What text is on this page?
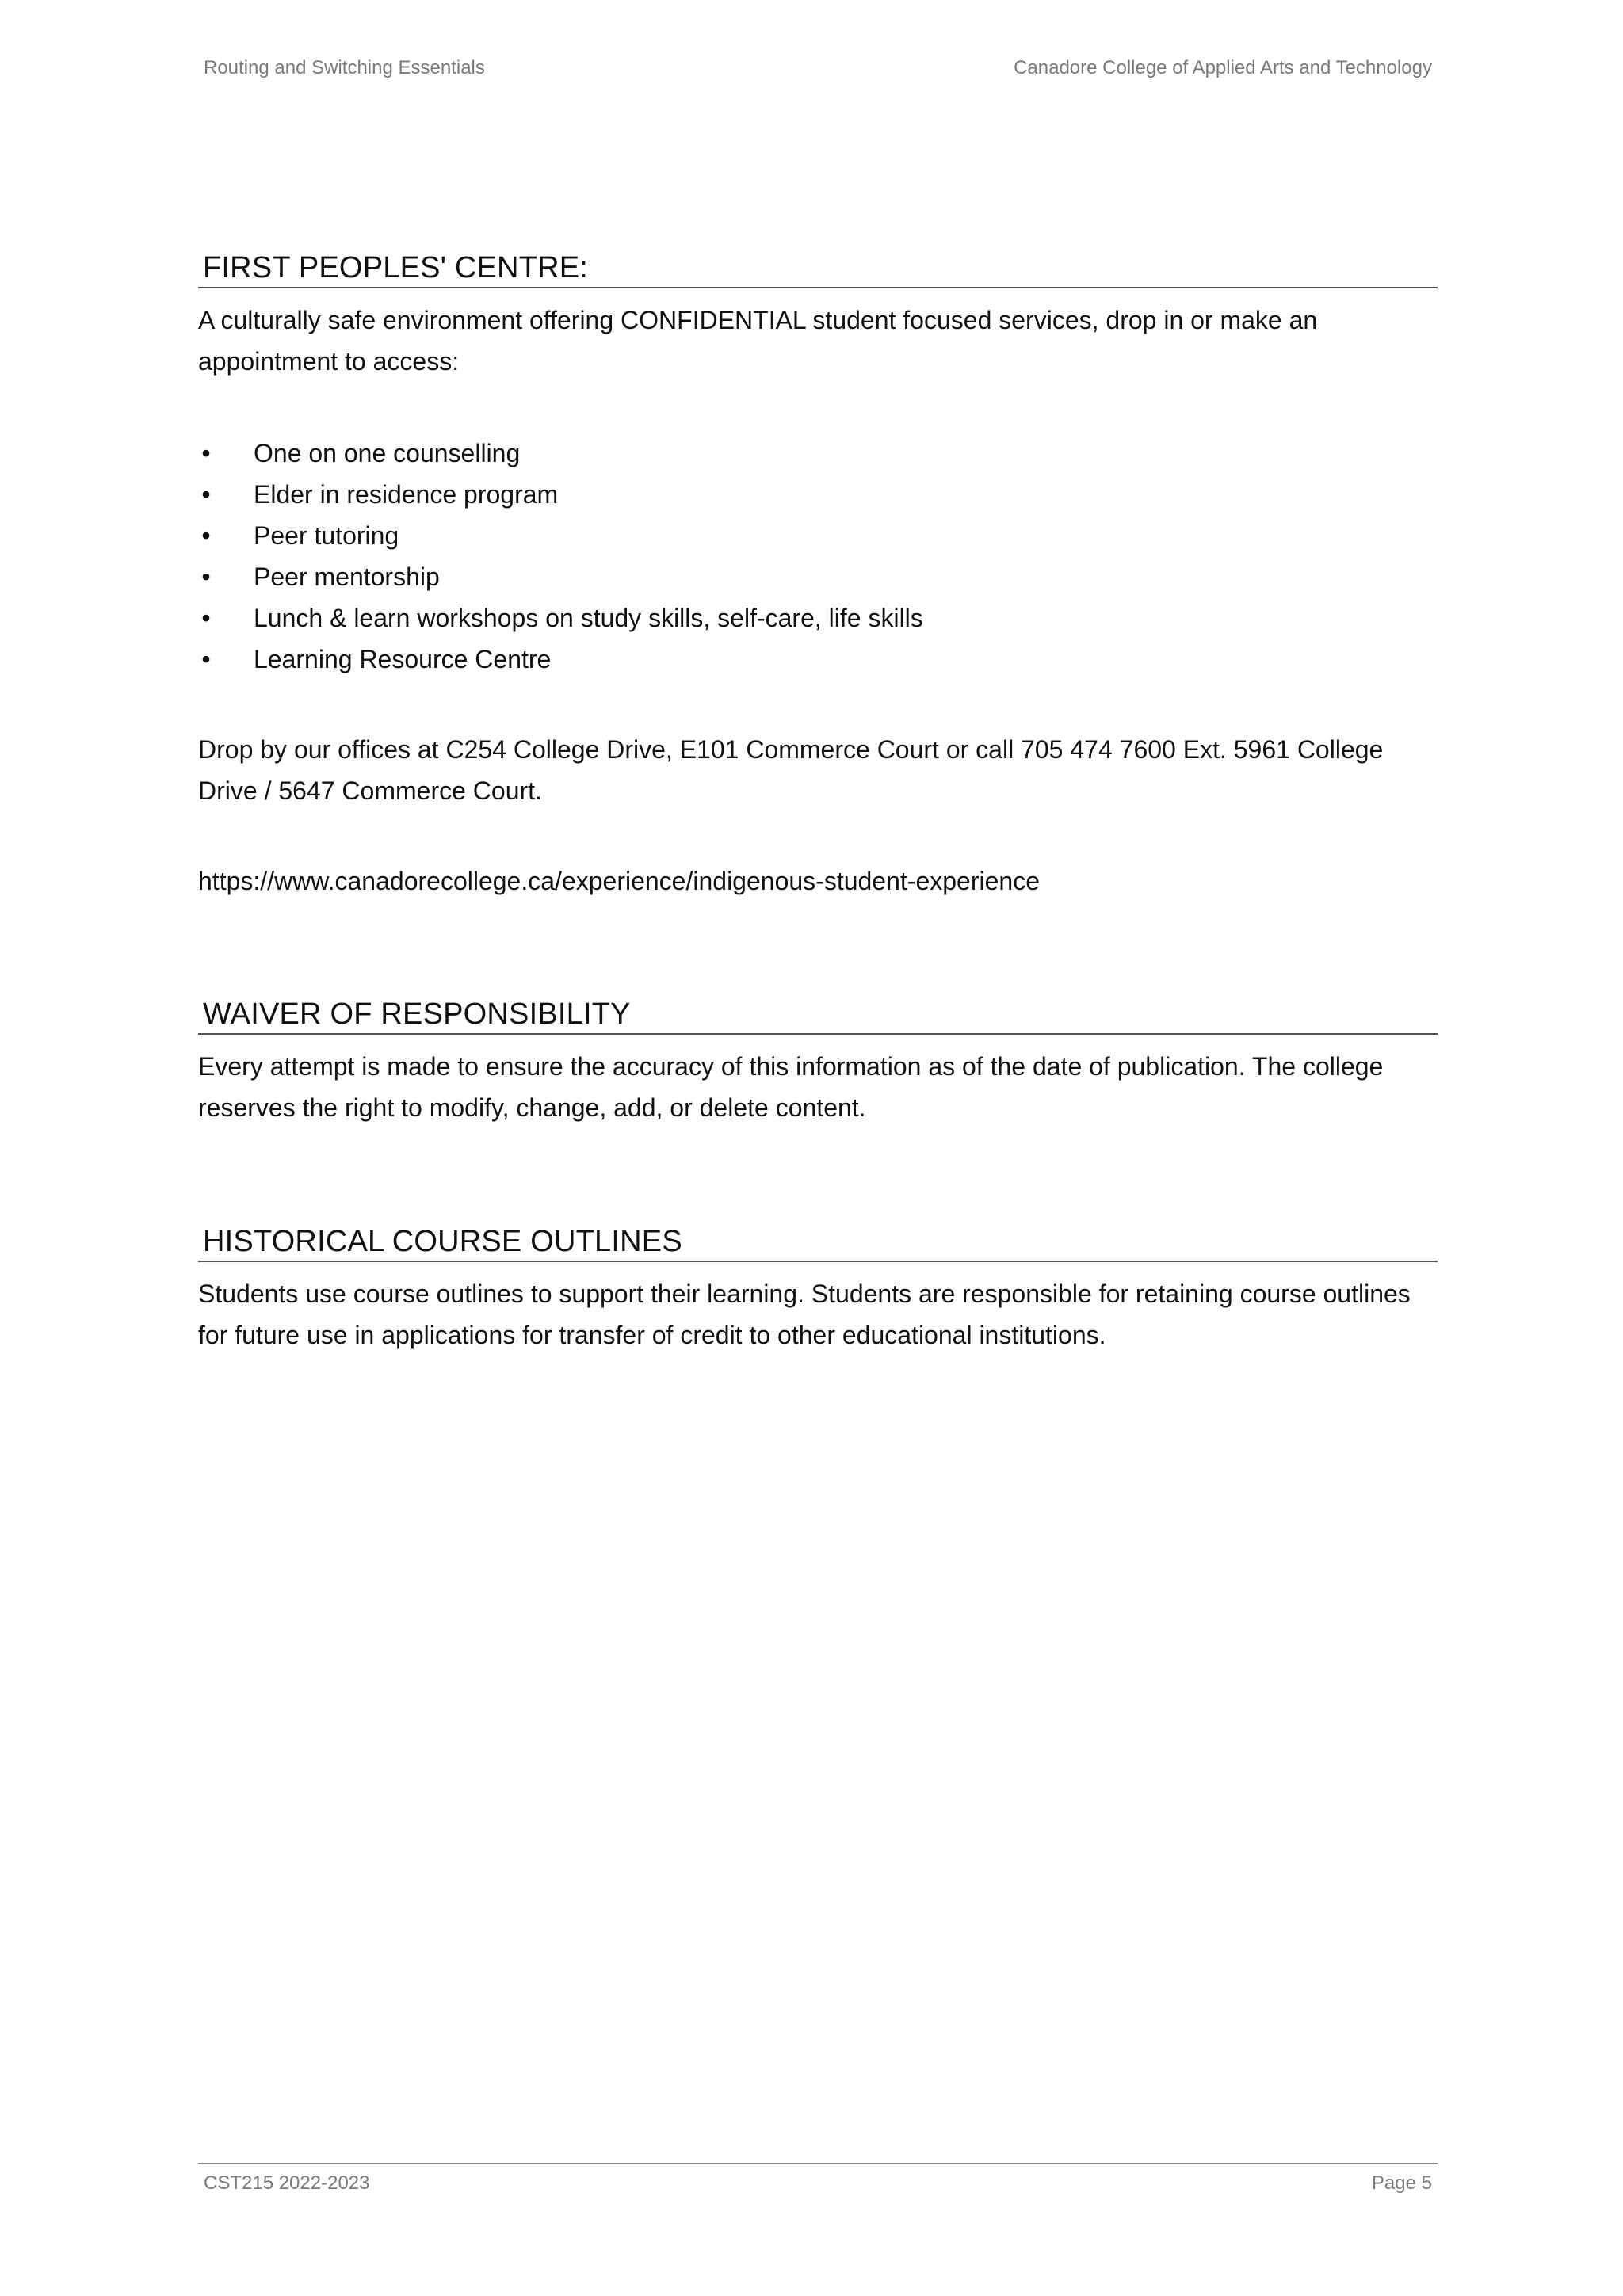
Routing and Switching Essentials	Canadore College of Applied Arts and Technology
FIRST PEOPLES' CENTRE:

A culturally safe environment offering CONFIDENTIAL student focused services, drop in or make an appointment to access:

• One on one counselling
• Elder in residence program
• Peer tutoring
• Peer mentorship
• Lunch & learn workshops on study skills, self-care, life skills
• Learning Resource Centre

Drop by our offices at C254 College Drive, E101 Commerce Court or call 705 474 7600 Ext. 5961 College Drive / 5647 Commerce Court.

https://www.canadorecollege.ca/experience/indigenous-student-experience
WAIVER OF RESPONSIBILITY

Every attempt is made to ensure the accuracy of this information as of the date of publication. The college reserves the right to modify, change, add, or delete content.

HISTORICAL COURSE OUTLINES

Students use course outlines to support their learning. Students are responsible for retaining course outlines for future use in applications for transfer of credit to other educational institutions.

CST215 2022-2023	Page 5
